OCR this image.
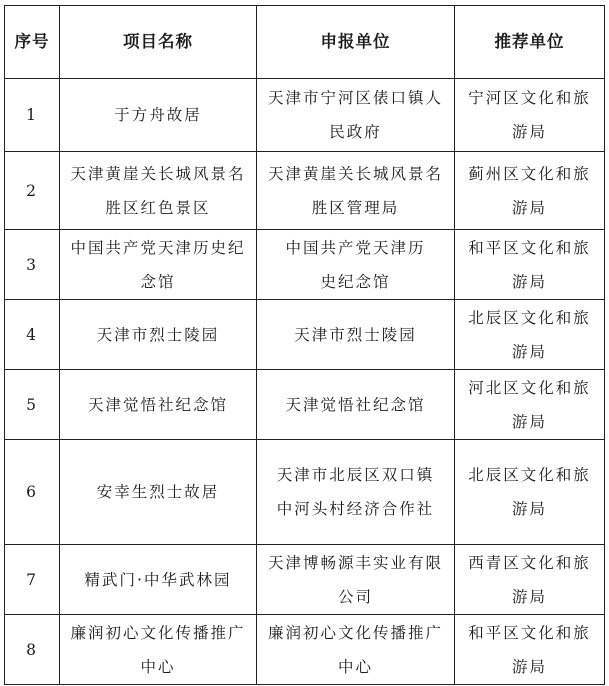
序号	项目名称	申报单位	推荐单位
1	于方舟故居	天津市宁河区俵口镇人民政府	宁河区文化和旅游局
2	天津黄崖关长城风景名胜区红色景区	天津黄崖关长城风景名胜区管理局	蓟州区文化和旅游局
3	中国共产党天津历史纪念馆	中国共产党天津历史纪念馆	和平区文化和旅游局
4	天津市烈士陵园	天津市烈士陵园	北辰区文化和旅游局
5	天津觉悟社纪念馆	天津觉悟社纪念馆	河北区文化和旅游局
6	安幸生烈士故居	天津市北辰区双口镇中河头村经济合作社	北辰区文化和旅游局
7	精武门·中华武林园	天津博畅源丰实业有限公司	西青区文化和旅游局
8	廉润初心文化传播推广中心	廉润初心文化传播推广中心	和平区文化和旅游局
